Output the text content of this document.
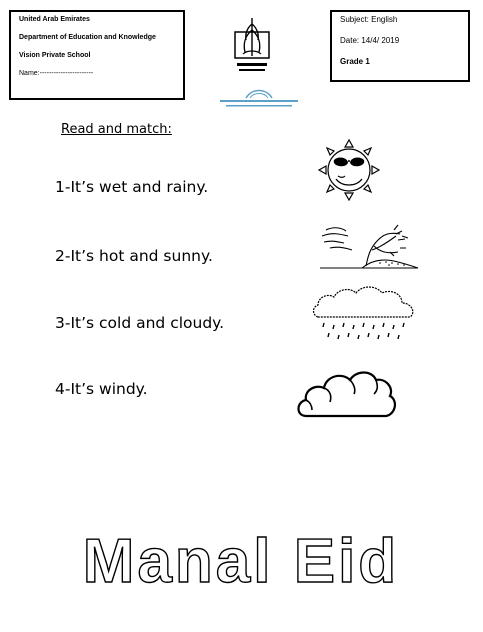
United Arab Emirates
Department of Education and Knowledge
Vision Private School
Name:-----------------------
Subject: English
Date: 14/4/ 2019
Grade 1
Read and match:
1-It’s wet and rainy.
2-It’s hot and sunny.
3-It’s cold and cloudy.
4-It’s windy.
Manal Eid
